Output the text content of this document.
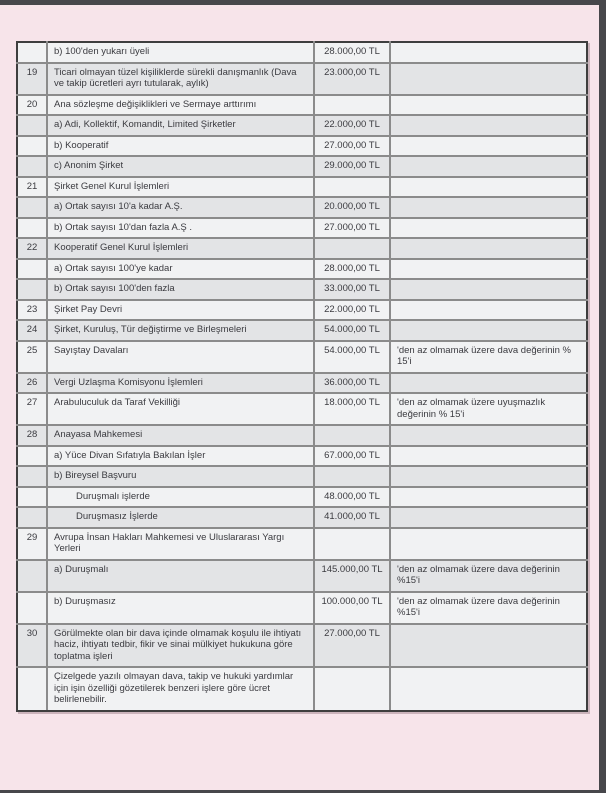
	b) 100'den yukarı üyeli	28.000,00 TL	
19	Ticari olmayan tüzel kişiliklerde sürekli danışmanlık (Dava ve takip ücretleri ayrı tutularak, aylık)	23.000,00 TL	
20	Ana sözleşme değişiklikleri ve Sermaye arttırımı		
	a) Adi, Kollektif, Komandit, Limited Şirketler	22.000,00 TL	
	b) Kooperatif	27.000,00 TL	
	c) Anonim Şirket	29.000,00 TL	
21	Şirket Genel Kurul İşlemleri		
	a) Ortak sayısı 10'a kadar A.Ş.	20.000,00 TL	
	b) Ortak sayısı 10'dan fazla A.Ş .	27.000,00 TL	
22	Kooperatif Genel Kurul İşlemleri		
	a) Ortak sayısı 100'ye kadar	28.000,00 TL	
	b) Ortak sayısı 100'den fazla	33.000,00 TL	
23	Şirket Pay Devri	22.000,00 TL	
24	Şirket, Kuruluş, Tür değiştirme ve Birleşmeleri	54.000,00 TL	
25	Sayıştay Davaları	54.000,00 TL	'den az olmamak üzere dava değerinin % 15'i
26	Vergi Uzlaşma Komisyonu İşlemleri	36.000,00 TL	
27	Arabuluculuk da Taraf Vekilliği	18.000,00 TL	'den az olmamak üzere uyuşmazlık değerinin % 15'i
28	Anayasa Mahkemesi		
	a) Yüce Divan Sıfatıyla Bakılan İşler	67.000,00 TL	
	b) Bireysel Başvuru		
	Duruşmalı işlerde	48.000,00 TL	
	Duruşmasız İşlerde	41.000,00 TL	
29	Avrupa İnsan Hakları Mahkemesi ve Uluslararası Yargı Yerleri		
	a) Duruşmalı	145.000,00 TL	'den az olmamak üzere dava değerinin %15'i
	b) Duruşmasız	100.000,00 TL	'den az olmamak üzere dava değerinin %15'i
30	Görülmekte olan bir dava içinde olmamak koşulu ile ihtiyatı haciz, ihtiyatı tedbir, fikir ve sinai mülkiyet hukukuna göre toplatma işleri	27.000,00 TL	
	Çizelgede yazılı olmayan dava, takip ve hukuki yardımlar için işin özelliği gözetilerek benzeri işlere göre ücret belirlenebilir.		
